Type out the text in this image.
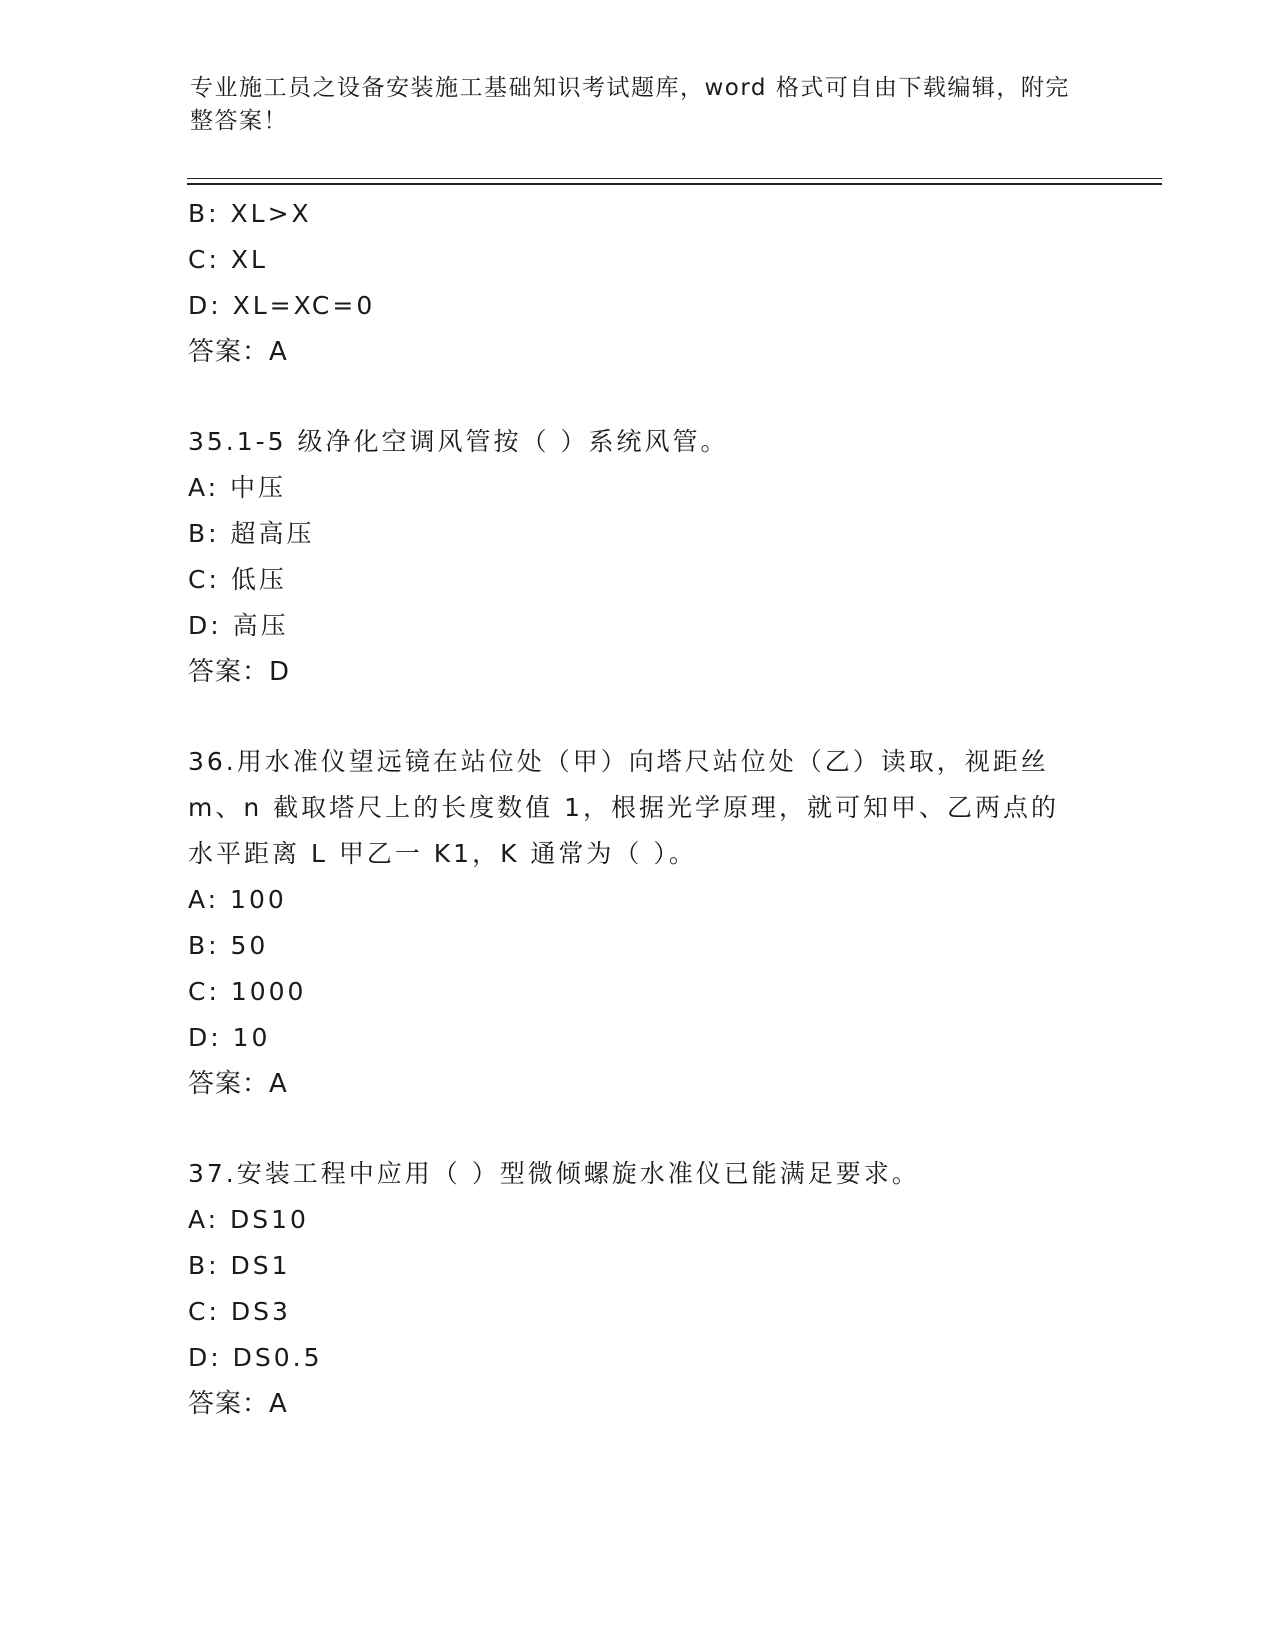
专业施工员之设备安装施工基础知识考试题库，word 格式可自由下载编辑，附完
整答案！
B: XL>X
C: XL
D: XL=XC=0
答案：A
35.1-5 级净化空调风管按（ ）系统风管。
A: 中压
B: 超高压
C: 低压
D: 高压
答案：D
36.用水准仪望远镜在站位处（甲）向塔尺站位处（乙）读取，视距丝
m、n 截取塔尺上的长度数值 1，根据光学原理，就可知甲、乙两点的
水平距离 L 甲乙一 K1，K 通常为（ ）。
A: 100
B: 50
C: 1000
D: 10
答案：A
37.安装工程中应用（ ）型微倾螺旋水准仪已能满足要求。
A: DS10
B: DS1
C: DS3
D: DS0.5
答案：A
